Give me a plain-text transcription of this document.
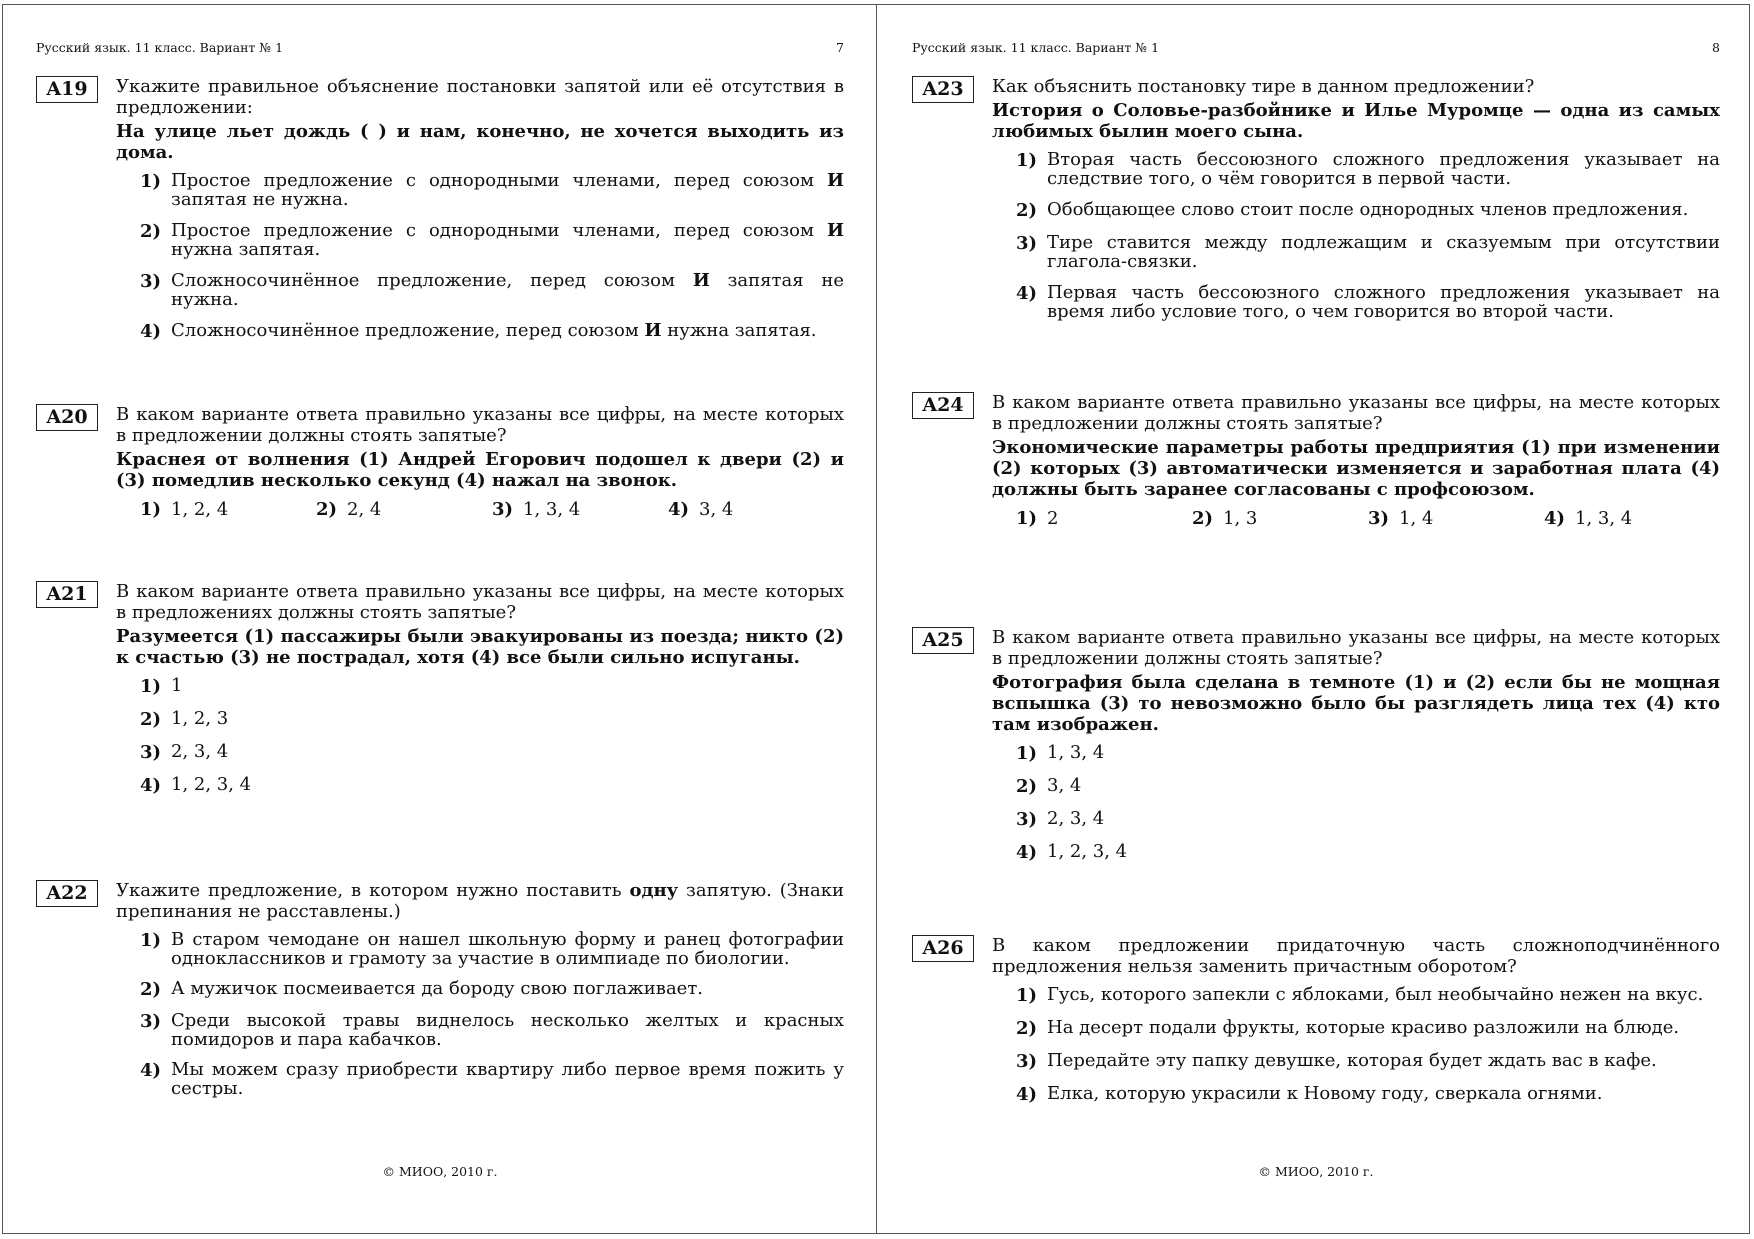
Русский язык. 11 класс. Вариант № 1	7
A19	Укажите правильное объяснение постановки запятой или её отсутствия в предложении:
На улице льет дождь ( ) и нам, конечно, не хочется выходить из дома.
1) Простое предложение с однородными членами, перед союзом И запятая не нужна.
2) Простое предложение с однородными членами, перед союзом И нужна запятая.
3) Сложносочинённое предложение, перед союзом И запятая не нужна.
4) Сложносочинённое предложение, перед союзом И нужна запятая.
A20	В каком варианте ответа правильно указаны все цифры, на месте которых в предложении должны стоять запятые?
Краснея от волнения (1) Андрей Егорович подошел к двери (2) и (3) помедлив несколько секунд (4) нажал на звонок.
1) 1, 2, 4	2) 2, 4	3) 1, 3, 4	4) 3, 4
A21	В каком варианте ответа правильно указаны все цифры, на месте которых в предложениях должны стоять запятые?
Разумеется (1) пассажиры были эвакуированы из поезда; никто (2) к счастью (3) не пострадал, хотя (4) все были сильно испуганы.
1) 1
2) 1, 2, 3
3) 2, 3, 4
4) 1, 2, 3, 4
A22	Укажите предложение, в котором нужно поставить одну запятую. (Знаки препинания не расставлены.)
1) В старом чемодане он нашел школьную форму и ранец фотографии одноклассников и грамоту за участие в олимпиаде по биологии.
2) А мужичок посмеивается да бороду свою поглаживает.
3) Среди высокой травы виднелось несколько желтых и красных помидоров и пара кабачков.
4) Мы можем сразу приобрести квартиру либо первое время пожить у сестры.
© МИОО, 2010 г.
Русский язык. 11 класс. Вариант № 1	8
A23	Как объяснить постановку тире в данном предложении?
История о Соловье-разбойнике и Илье Муромце — одна из самых любимых былин моего сына.
1) Вторая часть бессоюзного сложного предложения указывает на следствие того, о чём говорится в первой части.
2) Обобщающее слово стоит после однородных членов предложения.
3) Тире ставится между подлежащим и сказуемым при отсутствии глагола-связки.
4) Первая часть бессоюзного сложного предложения указывает на время либо условие того, о чем говорится во второй части.
A24	В каком варианте ответа правильно указаны все цифры, на месте которых в предложении должны стоять запятые?
Экономические параметры работы предприятия (1) при изменении (2) которых (3) автоматически изменяется и заработная плата (4) должны быть заранее согласованы с профсоюзом.
1) 2	2) 1, 3	3) 1, 4	4) 1, 3, 4
A25	В каком варианте ответа правильно указаны все цифры, на месте которых в предложении должны стоять запятые?
Фотография была сделана в темноте (1) и (2) если бы не мощная вспышка (3) то невозможно было бы разглядеть лица тех (4) кто там изображен.
1) 1, 3, 4
2) 3, 4
3) 2, 3, 4
4) 1, 2, 3, 4
A26	В каком предложении придаточную часть сложноподчинённого предложения нельзя заменить причастным оборотом?
1) Гусь, которого запекли с яблоками, был необычайно нежен на вкус.
2) На десерт подали фрукты, которые красиво разложили на блюде.
3) Передайте эту папку девушке, которая будет ждать вас в кафе.
4) Елка, которую украсили к Новому году, сверкала огнями.
© МИОО, 2010 г.
